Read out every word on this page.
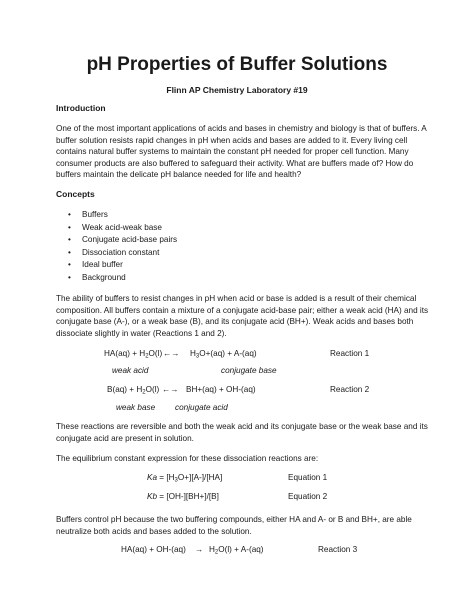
pH Properties of Buffer Solutions
Flinn AP Chemistry Laboratory #19
Introduction
One of the most important applications of acids and bases in chemistry and biology is that of buffers. A
buffer solution resists rapid changes in pH when acids and bases are added to it. Every living cell
contains natural buffer systems to maintain the constant pH needed for proper cell function. Many
consumer products are also buffered to safeguard their activity. What are buffers made of? How do
buffers maintain the delicate pH balance needed for life and health?
Concepts
• Buffers
• Weak acid-weak base
• Conjugate acid-base pairs
• Dissociation constant
• Ideal buffer
• Background
The ability of buffers to resist changes in pH when acid or base is added is a result of their chemical
composition. All buffers contain a mixture of a conjugate acid-base pair; either a weak acid (HA) and its
conjugate base (A-), or a weak base (B), and its conjugate acid (BH+). Weak acids and bases both
dissociate slightly in water (Reactions 1 and 2).
$HA(aq) + H_2O(l)$ ←→ $H_3O+(aq) + A-(aq)$	Reaction 1
weak acid	conjugate base
$B(aq) + H_2O(l)$ ←→ BH+(aq) + OH-(aq)	Reaction 2
weak base conjugate acid
These reactions are reversible and both the weak acid and its conjugate base or the weak base and its
conjugate acid are present in solution.
The equilibrium constant expression for these dissociation reactions are:
$Ka = [H_3O+][A-]/[HA]$	Equation 1
Kb = [OH-][BH+]/[B]	Equation 2
Buffers control pH because the two buffering compounds, either HA and A- or B and BH+, are able
neutralize both acids and bases added to the solution.
$HA(aq) + OH-(aq) \to H_2O(l) + A-(aq)$	Reaction 3
